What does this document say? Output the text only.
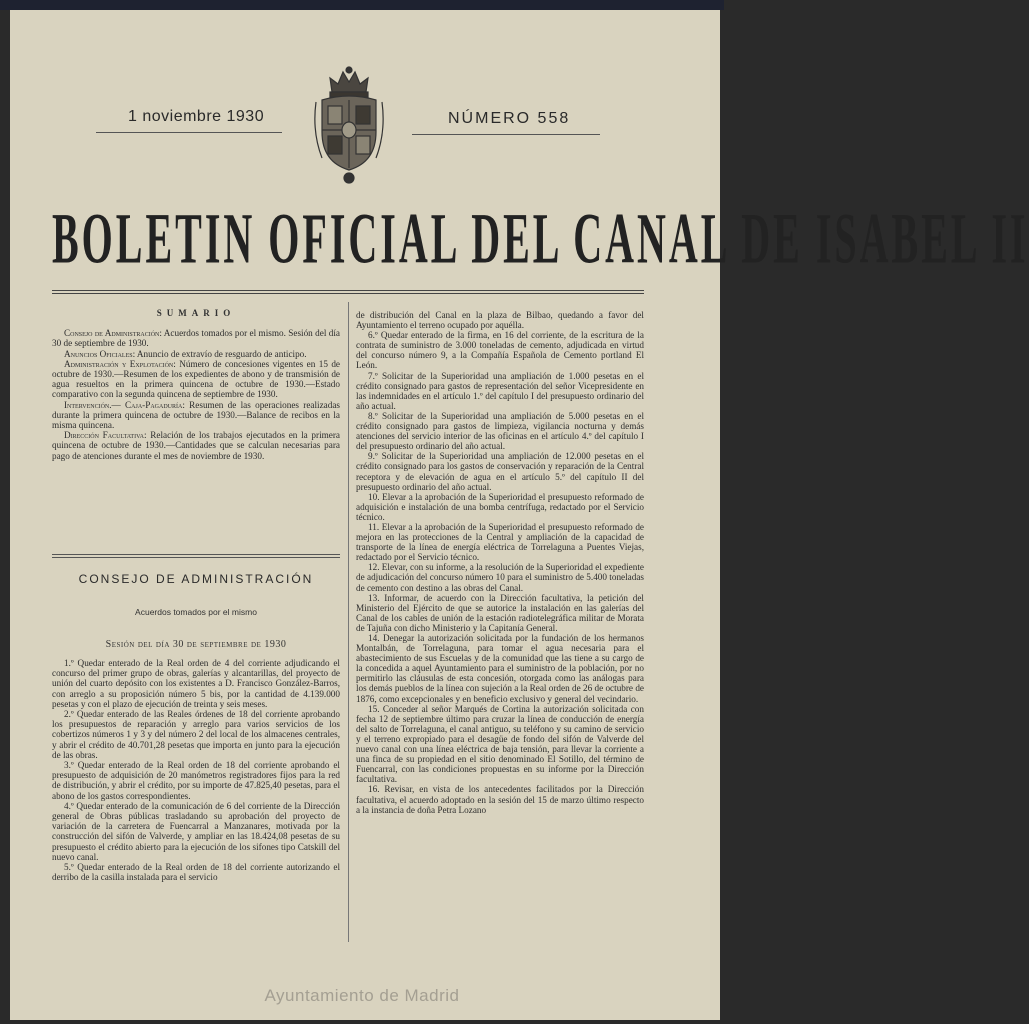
1 noviembre 1930	NÚMERO 558
BOLETIN OFICIAL DEL CANAL DE ISABEL II
SUMARIO

Consejo de Administración: Acuerdos tomados por el mismo. Sesión del día 30 de septiembre de 1930.

Anuncios Oficiales: Anuncio de extravío de resguardo de anticipo.

Administración y Explotación: Número de concesiones vigentes en 15 de octubre de 1930.—Resumen de los expedientes de abono y de transmisión de agua resueltos en la primera quincena de octubre de 1930.—Estado comparativo con la segunda quincena de septiembre de 1930.

Intervención.— Caja-Pagaduría: Resumen de las operaciones realizadas durante la primera quincena de octubre de 1930.—Balance de recibos en la misma quincena.

Dirección Facultativa: Relación de los trabajos ejecutados en la primera quincena de octubre de 1930.—Cantidades que se calculan necesarias para pago de atenciones durante el mes de noviembre de 1930.

CONSEJO DE ADMINISTRACIÓN
Acuerdos tomados por el mismo
Sesión del día 30 de septiembre de 1930

1.º Quedar enterado de la Real orden de 4 del corriente adjudicando el concurso del primer grupo de obras, galerías y alcantarillas, del proyecto de unión del cuarto depósito con los existentes a D. Francisco González-Barros, con arreglo a su proposición número 5 bis, por la cantidad de 4.139.000 pesetas y con el plazo de ejecución de treinta y seis meses.

2.º Quedar enterado de las Reales órdenes de 18 del corriente aprobando los presupuestos de reparación y arreglo para varios servicios de los cobertizos números 1 y 3 y del número 2 del local de los almacenes centrales, y abrir el crédito de 40.701,28 pesetas que importa en junto para la ejecución de las obras.

3.º Quedar enterado de la Real orden de 18 del corriente aprobando el presupuesto de adquisición de 20 manómetros registradores fijos para la red de distribución, y abrir el crédito, por su importe de 47.825,40 pesetas, para el abono de los gastos correspondientes.

4.º Quedar enterado de la comunicación de 6 del corriente de la Dirección general de Obras públicas trasladando su aprobación del proyecto de variación de la carretera de Fuencarral a Manzanares, motivada por la construcción del sifón de Valverde, y ampliar en las 18.424,08 pesetas de su presupuesto el crédito abierto para la ejecución de los sifones tipo Catskill del nuevo canal.

5.º Quedar enterado de la Real orden de 18 del corriente autorizando el derribo de la casilla instalada para el servicio

de distribución del Canal en la plaza de Bilbao, quedando a favor del Ayuntamiento el terreno ocupado por aquélla.

6.º Quedar enterado de la firma, en 16 del corriente, de la escritura de la contrata de suministro de 3.000 toneladas de cemento, adjudicada en virtud del concurso número 9, a la Compañía Española de Cemento portland El León.

7.º Solicitar de la Superioridad una ampliación de 1.000 pesetas en el crédito consignado para gastos de representación del señor Vicepresidente en las indemnidades en el artículo 1.º del capítulo I del presupuesto ordinario del año actual.

8.º Solicitar de la Superioridad una ampliación de 5.000 pesetas en el crédito consignado para gastos de limpieza, vigilancia nocturna y demás atenciones del servicio interior de las oficinas en el artículo 4.º del capítulo I del presupuesto ordinario del año actual.

9.º Solicitar de la Superioridad una ampliación de 12.000 pesetas en el crédito consignado para los gastos de conservación y reparación de la Central receptora y de elevación de agua en el artículo 5.º del capítulo II del presupuesto ordinario del año actual.

10. Elevar a la aprobación de la Superioridad el presupuesto reformado de adquisición e instalación de una bomba centrífuga, redactado por el Servicio técnico.

11. Elevar a la aprobación de la Superioridad el presupuesto reformado de mejora en las protecciones de la Central y ampliación de la capacidad de transporte de la línea de energía eléctrica de Torrelaguna a Puentes Viejas, redactado por el Servicio técnico.

12. Elevar, con su informe, a la resolución de la Superioridad el expediente de adjudicación del concurso número 10 para el suministro de 5.400 toneladas de cemento con destino a las obras del Canal.

13. Informar, de acuerdo con la Dirección facultativa, la petición del Ministerio del Ejército de que se autorice la instalación en las galerías del Canal de los cables de unión de la estación radiotelegráfica militar de Morata de Tajuña con dicho Ministerio y la Capitanía General.

14. Denegar la autorización solicitada por la fundación de los hermanos Montalbán, de Torrelaguna, para tomar el agua necesaria para el abastecimiento de sus Escuelas y de la comunidad que las tiene a su cargo de la concedida a aquel Ayuntamiento para el suministro de la población, por no permitirlo las cláusulas de esta concesión, otorgada como las análogas para los demás pueblos de la línea con sujeción a la Real orden de 26 de octubre de 1876, como excepcionales y en beneficio exclusivo y general del vecindario.

15. Conceder al señor Marqués de Cortina la autorización solicitada con fecha 12 de septiembre último para cruzar la línea de conducción de energía del salto de Torrelaguna, el canal antiguo, su teléfono y su camino de servicio y el terreno expropiado para el desagüe de fondo del sifón de Valverde del nuevo canal con una línea eléctrica de baja tensión, para llevar la corriente a una finca de su propiedad en el sitio denominado El Sotillo, del término de Fuencarral, con las condiciones propuestas en su informe por la Dirección facultativa.

16. Revisar, en vista de los antecedentes facilitados por la Dirección facultativa, el acuerdo adoptado en la sesión del 15 de marzo último respecto a la instancia de doña Petra Lozano

Ayuntamiento de Madrid
